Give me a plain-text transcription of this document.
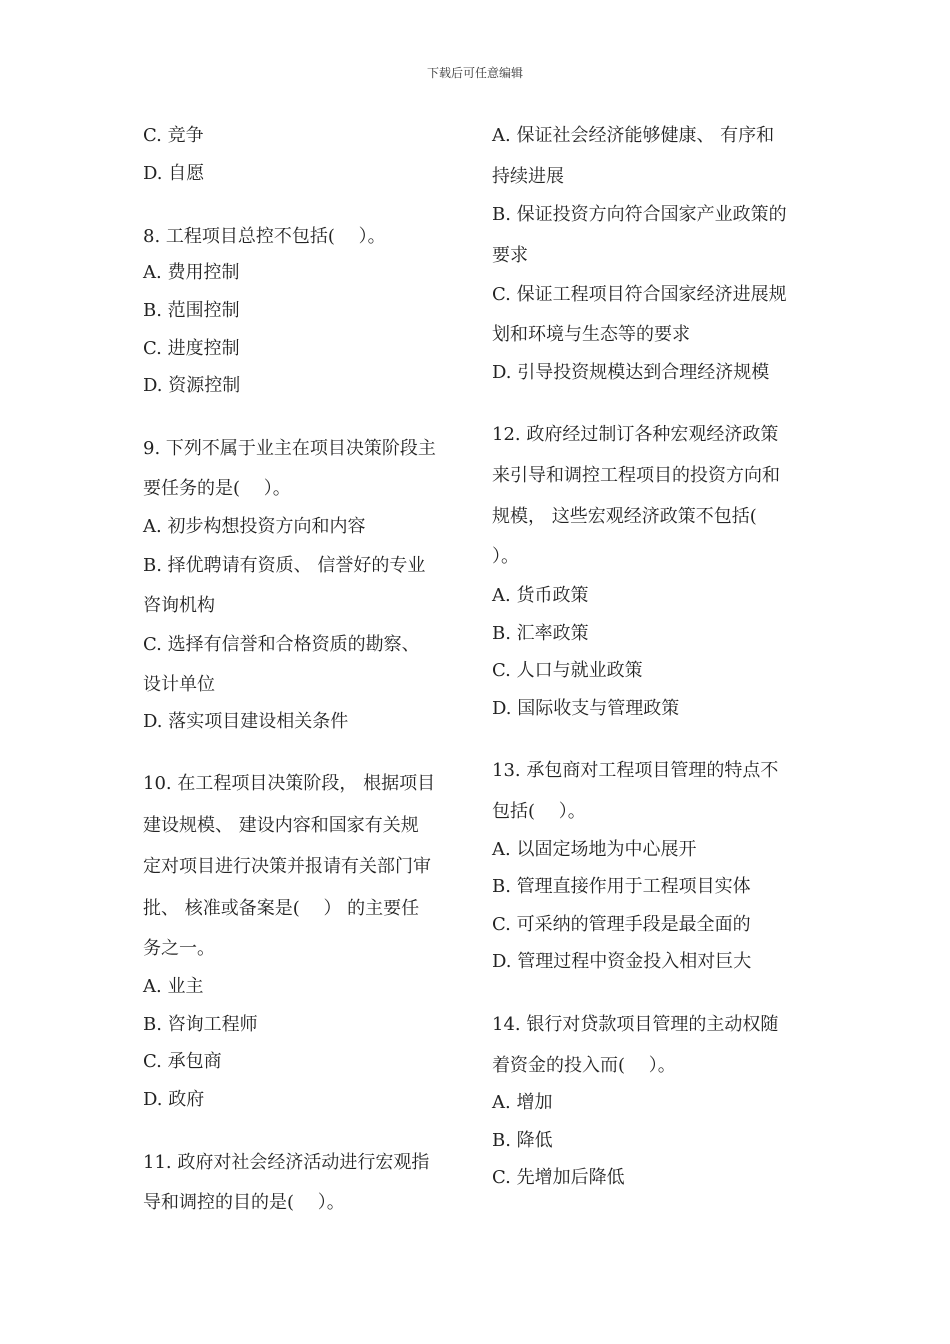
下载后可任意编辑
C. 竞争
D. 自愿
8. 工程项目总控不包括(　 ）。
A. 费用控制
B. 范围控制
C. 进度控制
D. 资源控制
9. 下列不属于业主在项目决策阶段主
要任务的是(　 ）。
A. 初步构想投资方向和内容
B. 择优聘请有资质、 信誉好的专业
咨询机构
C. 选择有信誉和合格资质的勘察、
设计单位
D. 落实项目建设相关条件
10. 在工程项目决策阶段， 根据项目
建设规模、 建设内容和国家有关规
定对项目进行决策并报请有关部门审
批、 核准或备案是(　 ） 的主要任
务之一。
A. 业主
B. 咨询工程师
C. 承包商
D. 政府
11. 政府对社会经济活动进行宏观指
导和调控的目的是(　 ）。
A. 保证社会经济能够健康、 有序和
持续进展
B. 保证投资方向符合国家产业政策的
要求
C. 保证工程项目符合国家经济进展规
划和环境与生态等的要求
D. 引导投资规模达到合理经济规模
12. 政府经过制订各种宏观经济政策
来引导和调控工程项目的投资方向和
规模， 这些宏观经济政策不包括(
）。
A. 货币政策
B. 汇率政策
C. 人口与就业政策
D. 国际收支与管理政策
13. 承包商对工程项目管理的特点不
包括(　 ）。
A. 以固定场地为中心展开
B. 管理直接作用于工程项目实体
C. 可采纳的管理手段是最全面的
D. 管理过程中资金投入相对巨大
14. 银行对贷款项目管理的主动权随
着资金的投入而(　 ）。
A. 增加
B. 降低
C. 先增加后降低
